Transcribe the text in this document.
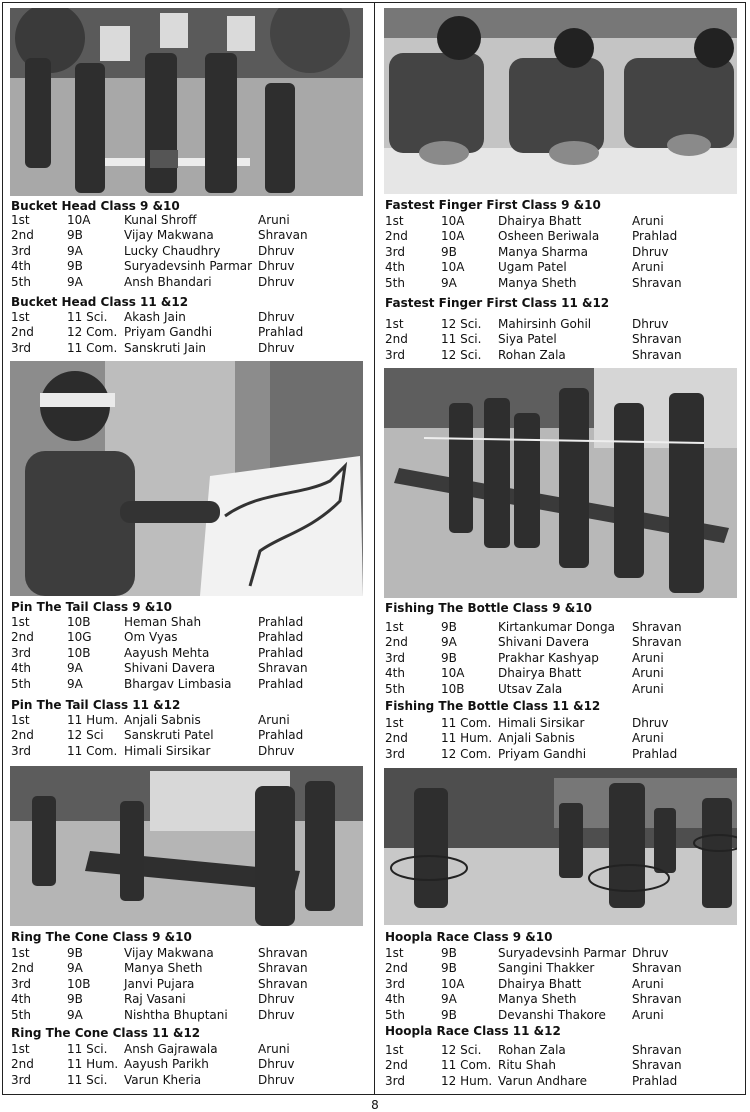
Bucket Head Class 9 &10
1st	10A	Kunal Shroff	Aruni
2nd	9B	Vijay Makwana	Shravan
3rd	9A	Lucky Chaudhry	Dhruv
4th	9B	Suryadevsinh Parmar	Dhruv
5th	9A	Ansh Bhandari	Dhruv
Bucket Head Class 11 &12
1st	11 Sci.	Akash Jain	Dhruv
2nd	12 Com.	Priyam Gandhi	Prahlad
3rd	11 Com.	Sanskruti Jain	Dhruv
Pin The Tail Class 9 &10
1st	10B	Heman Shah	Prahlad
2nd	10G	Om Vyas	Prahlad
3rd	10B	Aayush Mehta	Prahlad
4th	9A	Shivani Davera	Shravan
5th	9A	Bhargav Limbasia	Prahlad
Pin The Tail Class 11 &12
1st	11 Hum.	Anjali Sabnis	Aruni
2nd	12 Sci	Sanskruti Patel	Prahlad
3rd	11 Com.	Himali Sirsikar	Dhruv
Ring The Cone Class 9 &10
1st	9B	Vijay Makwana	Shravan
2nd	9A	Manya Sheth	Shravan
3rd	10B	Janvi Pujara	Shravan
4th	9B	Raj Vasani	Dhruv
5th	9A	Nishtha Bhuptani	Dhruv
Ring The Cone Class 11 &12
1st	11 Sci.	Ansh Gajrawala	Aruni
2nd	11 Hum.	Aayush Parikh	Dhruv
3rd	11 Sci.	Varun Kheria	Dhruv
Fastest Finger First Class 9 &10
1st	10A	Dhairya Bhatt	Aruni
2nd	10A	Osheen Beriwala	Prahlad
3rd	9B	Manya Sharma	Dhruv
4th	10A	Ugam Patel	Aruni
5th	9A	Manya Sheth	Shravan
Fastest Finger First Class 11 &12
1st	12 Sci.	Mahirsinh Gohil	Dhruv
2nd	11 Sci.	Siya Patel	Shravan
3rd	12 Sci.	Rohan Zala	Shravan
Fishing The Bottle Class 9 &10
1st	9B	Kirtankumar Donga	Shravan
2nd	9A	Shivani Davera	Shravan
3rd	9B	Prakhar Kashyap	Aruni
4th	10A	Dhairya Bhatt	Aruni
5th	10B	Utsav Zala	Aruni
Fishing The Bottle Class 11 &12
1st	11 Com.	Himali Sirsikar	Dhruv
2nd	11 Hum.	Anjali Sabnis	Aruni
3rd	12 Com.	Priyam Gandhi	Prahlad
Hoopla Race Class 9 &10
1st	9B	Suryadevsinh Parmar	Dhruv
2nd	9B	Sangini Thakker	Shravan
3rd	10A	Dhairya Bhatt	Aruni
4th	9A	Manya Sheth	Shravan
5th	9B	Devanshi Thakore	Aruni
Hoopla Race Class 11 &12
1st	12 Sci.	Rohan Zala	Shravan
2nd	11 Com.	Ritu Shah	Shravan
3rd	12 Hum.	Varun Andhare	Prahlad
8
